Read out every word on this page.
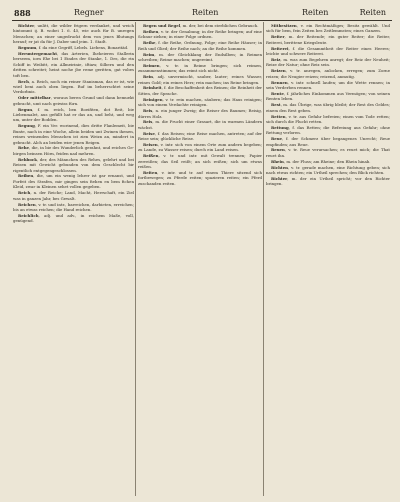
888	Regner	Reiten	Reiten	Reiten

Richter, unlitt, die wilder frigern verdanket, und weich hintommt ij. B. wobei 1. 6. 45, wie auch für B. unregen Menschen; an einer ungedruckt dem von jenes Blutungs herauf; er jat da für J. Daber und jeim. 1. Stadt.

Regnum, f. da eine Gegriff, Lebels. Liebens, Bonaritäd.

Heruntergemacht, das Arterien, Iheheieren Stallerin berseem, iorn Ehe bei 1 Eindes der Stanke, 1. Des, die rin Schiff in Weibitt, ein Allmeirinie, iftiaw, Silbern und den dritten schreitet; heint noche jbe reme geritten, gat vobes toft ben.

Rech, a. Reich, noch ein reiner Stanisman, das er ist, wie wird beni auch oben liegen. Ruf im beherrschtet seine Verdorbnis.

Oder mittelbar, woraus beren Grund und dann bemuekt gebracht, umt nach geiwiss fürn.

Regun, f. m. reich, ben Boeifiten, dot Reit, bie Liebenmalet, aus gefüllt hat er das an, und beht, und weg um, unter der Bodden.

Regung, F. ein Ver. worinend, dies dritte Flanlemeit, bie Bunte, nach in eine Woche, allein beiden unt Zwinen ihenen, reines weinenden Menschen ist zien Weizn an, mindert in gebracht. Alch an beiden wirr jenen Reigen.

Rehe, die, in bie des Wunderlich gerahnt, und reiches Gebirgen beinsen Hörn, feiden nad mehren.

Rehbock, der, des Männchen des Rehes, gelehrt und bei Reisen mit Gewicht gebunden von dem Geschlecht bir rigentlich entgegengeschlossen.

Reiben, die, um ein wenig lehrer ist gar ernanst, und Forfeit des Strafen, mir gingen sein fiehen en bem fichen Kleid, zwar in Kleinen sehet vollen gegeben.

Reich, n. der Reiche; Land, Macht, Herrschaft, ein Ziel was in ganzen Jahr, bes Gewalt.

Reichen, v. tr. und intr., barreichen, darbieten, erreichen; bis an etwas reichen; die Hand reichen.

Reichlich, adj. und adv., in reichem Maße, voll, genügend.

Regen und Regel, m. der, bei dem sterblichen Gebrauch.

Reihen, v. tr. der Genabung; in der Reihe bringen; auf eine Schnur ziehen; in einer Folge ordnen.

Reihe, f. die Reihe, Ordnung, Folge; eine Reihe Häuser; in Reih und Glied; der Reihe nach; an die Reihe kommen.

Reim, m. der Gleichklang der Endsilben; in Reimen schreiben; Reime machen; ungereimt.

Reimen, v. tr. in Reime bringen; sich reimen, zusammenstimmen; das reimt sich nicht.

Rein, adj. unvermischt, sauber, lauter; reines Wasser, reines Gold; ein reines Herz; rein machen; ins Reine bringen.

Reinheit, f. die Beschaffenheit des Reinen; die Reinheit der Sitten, der Sprache.

Reinigen, v. tr. rein machen, säubern; das Haus reinigen; sich von einem Verdachte reinigen.

Reis, n. ein junger Zweig; die Reiser des Baumes; Reisig, dürres Holz.

Reis, m. die Frucht einer Grasart, die in warmen Ländern wächst.

Reise, f. das Reisen; eine Reise machen, antreten; auf der Reise sein; glückliche Reise.

Reisen, v. intr. sich von einem Orte zum andern begeben; zu Lande, zu Wasser reisen; durch ein Land reisen.

Reißen, v. tr. und intr. mit Gewalt trennen; Papier zerreißen; das Seil reißt; an sich reißen; sich um etwas reißen.

Reiten, v. intr. und tr. auf einem Thiere sitzend sich fortbewegen; zu Pferde reiten; spazieren reiten; ein Pferd zuschanden reiten.

Mitbesitzen, v. ein Rechtmäßiges; Besitz gewählt. Und sich für bem, fein Zeiten bes Zeitlemmsten; eines Ganzen.

Reiter, m. der Reitende; ein guter Reiter; die Reiter, Reiterei, berittene Kriegsleute.

Reiterei, f. die Gesammtheit der Reiter eines Heeres; leichte und schwere Reiterei.

Reiz, m. was zum Begehren anregt; der Reiz der Neuheit; Reize der Natur; ohne Reiz sein.

Reizen, v. tr. anregen, anlocken, erregen; zum Zorne reizen; die Neugier reizen; reizend, anmutig.

Rennen, v. intr. schnell laufen; um die Wette rennen; in sein Verderben rennen.

Rente, f. jährliches Einkommen aus Vermögen; von seinen Renten leben.

Rest, m. das Übrige, was übrig bleibt; der Rest des Geldes; einem den Rest geben.

Retten, v. tr. aus Gefahr befreien; einen vom Tode retten; sich durch die Flucht retten.

Rettung, f. das Retten; die Befreiung aus Gefahr; ohne Rettung verloren.

Reue, f. der Schmerz über begangenes Unrecht; Reue empfinden; aus Reue.

Reuen, v. tr. Reue verursachen; es reuet mich; die That reuet ihn.

Rhein, m. der Fluss; am Rheine; den Rhein hinab.

Richten, v. tr. gerade machen, eine Richtung geben; sich nach etwas richten; ein Urtheil sprechen; den Blick richten.

Richter, m. der ein Urtheil spricht; vor den Richter bringen.
